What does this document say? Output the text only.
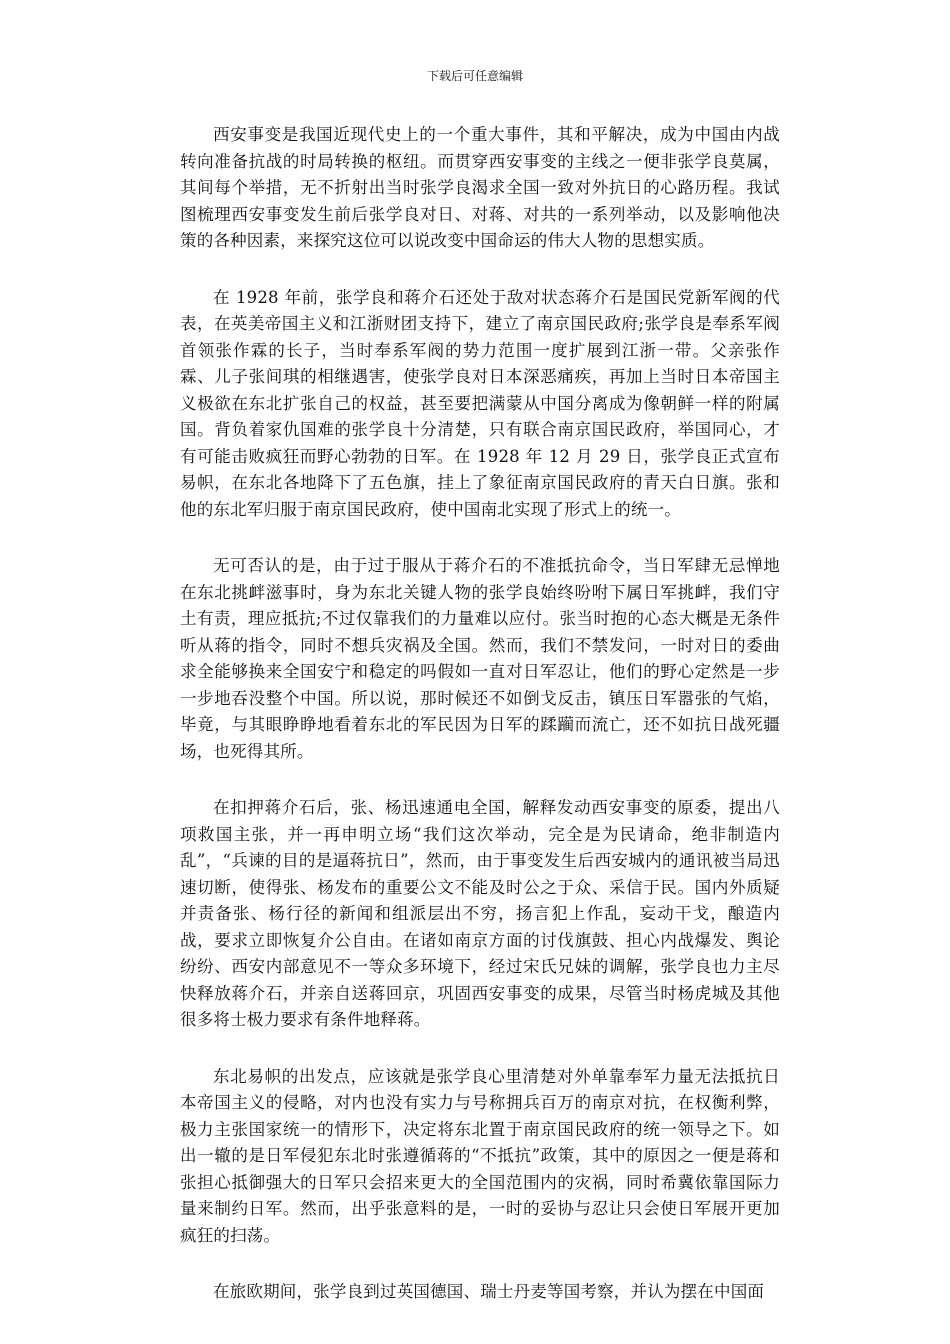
下载后可任意编辑

西安事变是我国近现代史上的一个重大事件，其和平解决，成为中国由内战转向准备抗战的时局转换的枢纽。而贯穿西安事变的主线之一便非张学良莫属，其间每个举措，无不折射出当时张学良渴求全国一致对外抗日的心路历程。我试图梳理西安事变发生前后张学良对日、对蒋、对共的一系列举动，以及影响他决策的各种因素，来探究这位可以说改变中国命运的伟大人物的思想实质。

在 1928 年前，张学良和蒋介石还处于敌对状态蒋介石是国民党新军阀的代表，在英美帝国主义和江浙财团支持下，建立了南京国民政府;张学良是奉系军阀首领张作霖的长子，当时奉系军阀的势力范围一度扩展到江浙一带。父亲张作霖、儿子张间琪的相继遇害，使张学良对日本深恶痛疾，再加上当时日本帝国主义极欲在东北扩张自己的权益，甚至要把满蒙从中国分离成为像朝鲜一样的附属国。背负着家仇国难的张学良十分清楚，只有联合南京国民政府，举国同心，才有可能击败疯狂而野心勃勃的日军。在 1928 年 12 月 29 日，张学良正式宣布易帜，在东北各地降下了五色旗，挂上了象征南京国民政府的青天白日旗。张和他的东北军归服于南京国民政府，使中国南北实现了形式上的统一。

无可否认的是，由于过于服从于蒋介石的不准抵抗命令，当日军肆无忌惮地在东北挑衅滋事时，身为东北关键人物的张学良始终吩咐下属日军挑衅，我们守土有责，理应抵抗;不过仅靠我们的力量难以应付。张当时抱的心态大概是无条件听从蒋的指令，同时不想兵灾祸及全国。然而，我们不禁发问，一时对日的委曲求全能够换来全国安宁和稳定的吗假如一直对日军忍让，他们的野心定然是一步一步地吞没整个中国。所以说，那时候还不如倒戈反击，镇压日军嚣张的气焰，毕竟，与其眼睁睁地看着东北的军民因为日军的蹂躏而流亡，还不如抗日战死疆场，也死得其所。

在扣押蒋介石后，张、杨迅速通电全国，解释发动西安事变的原委，提出八项救国主张，并一再申明立场“我们这次举动，完全是为民请命，绝非制造内乱”，“兵谏的目的是逼蒋抗日”，然而，由于事变发生后西安城内的通讯被当局迅速切断，使得张、杨发布的重要公文不能及时公之于众、采信于民。国内外质疑并责备张、杨行径的新闻和组派层出不穷，扬言犯上作乱，妄动干戈，酿造内战，要求立即恢复介公自由。在诸如南京方面的讨伐旗鼓、担心内战爆发、舆论纷纷、西安内部意见不一等众多环境下，经过宋氏兄妹的调解，张学良也力主尽快释放蒋介石，并亲自送蒋回京，巩固西安事变的成果，尽管当时杨虎城及其他很多将士极力要求有条件地释蒋。

东北易帜的出发点，应该就是张学良心里清楚对外单靠奉军力量无法抵抗日本帝国主义的侵略，对内也没有实力与号称拥兵百万的南京对抗，在权衡利弊，极力主张国家统一的情形下，决定将东北置于南京国民政府的统一领导之下。如出一辙的是日军侵犯东北时张遵循蒋的“不抵抗”政策，其中的原因之一便是蒋和张担心抵御强大的日军只会招来更大的全国范围内的灾祸，同时希冀依靠国际力量来制约日军。然而，出乎张意料的是，一时的妥协与忍让只会使日军展开更加疯狂的扫荡。

在旅欧期间，张学良到过英国德国、瑞士丹麦等国考察，并认为摆在中国面
